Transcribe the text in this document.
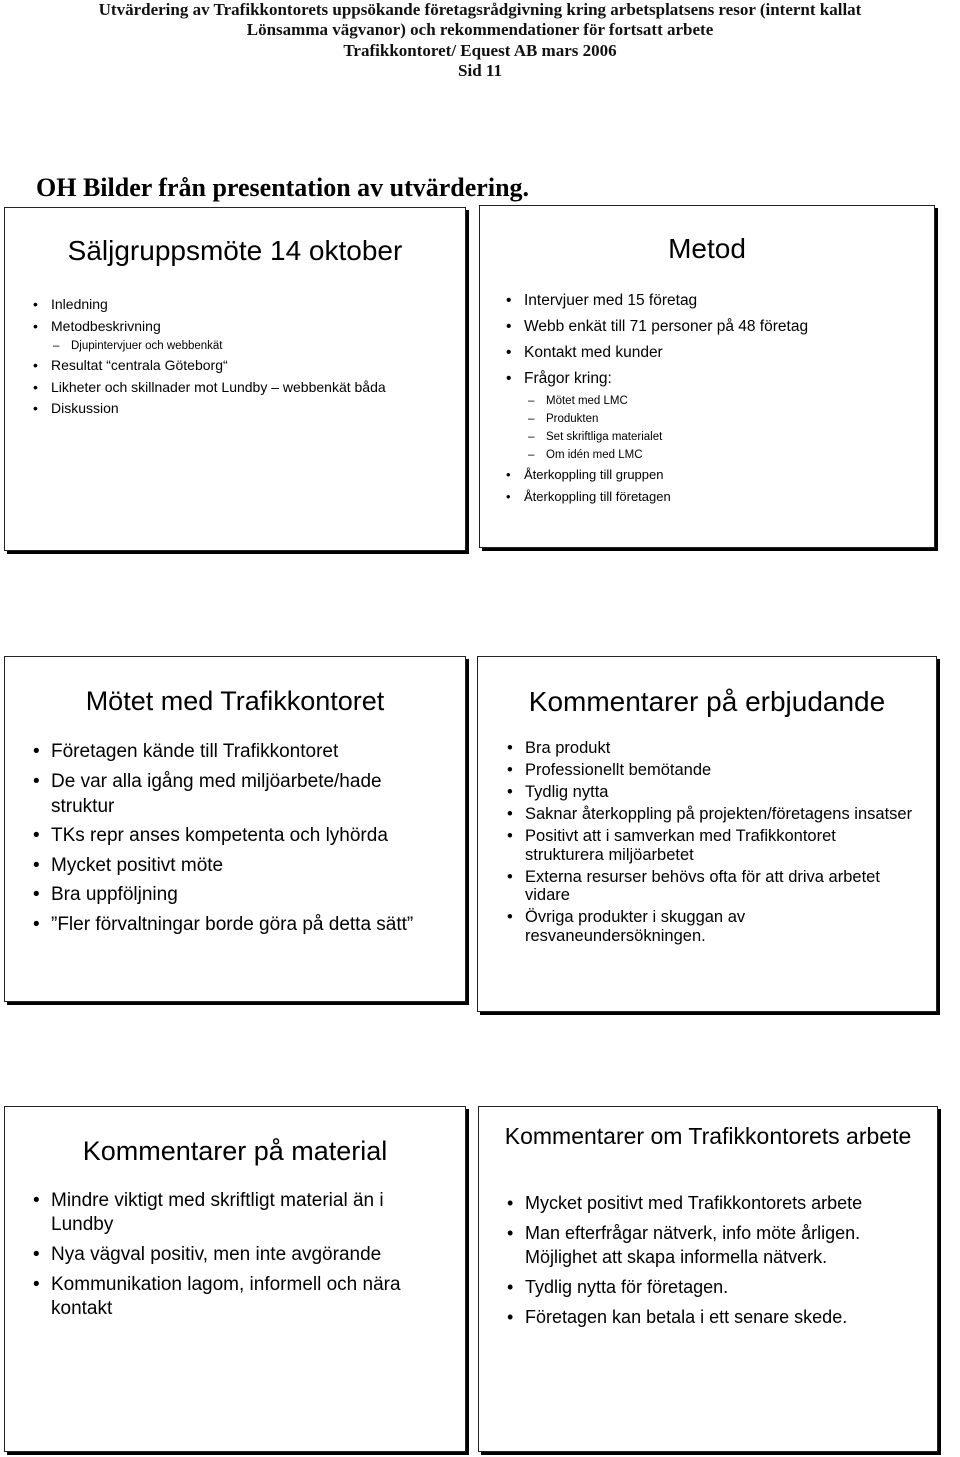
Utvärdering av Trafikkontorets uppsökande företagsrådgivning kring arbetsplatsens resor (internt kallat
Lönsamma vägvanor) och rekommendationer för fortsatt arbete
Trafikkontoret/ Equest AB mars 2006
Sid 11
OH Bilder från presentation av utvärdering.
Säljgruppsmöte 14 oktober
• Inledning
• Metodbeskrivning
– Djupintervjuer och webbenkät
• Resultat “centrala Göteborg“
• Likheter och skillnader mot Lundby – webbenkät båda
• Diskussion
Metod
• Intervjuer med 15 företag
• Webb enkät till 71 personer på 48 företag
• Kontakt med kunder
• Frågor kring:
– Mötet med LMC
– Produkten
– Set skriftliga materialet
– Om idén med LMC
• Återkoppling till gruppen
• Återkoppling till företagen
Mötet med Trafikkontoret
• Företagen kände till Trafikkontoret
• De var alla igång med miljöarbete/hade struktur
• TKs repr anses kompetenta och lyhörda
• Mycket positivt möte
• Bra uppföljning
• ”Fler förvaltningar borde göra på detta sätt”
Kommentarer på erbjudande
• Bra produkt
• Professionellt bemötande
• Tydlig nytta
• Saknar återkoppling på projekten/företagens insatser
• Positivt att i samverkan med Trafikkontoret strukturera miljöarbetet
• Externa resurser behövs ofta för att driva arbetet vidare
• Övriga produkter i skuggan av resvaneundersökningen.
Kommentarer på material
• Mindre viktigt med skriftligt material än i Lundby
• Nya vägval positiv, men inte avgörande
• Kommunikation lagom, informell och nära kontakt
Kommentarer om Trafikkontorets arbete
• Mycket positivt med Trafikkontorets arbete
• Man efterfrågar nätverk, info möte årligen. Möjlighet att skapa informella nätverk.
• Tydlig nytta för företagen.
• Företagen kan betala i ett senare skede.
